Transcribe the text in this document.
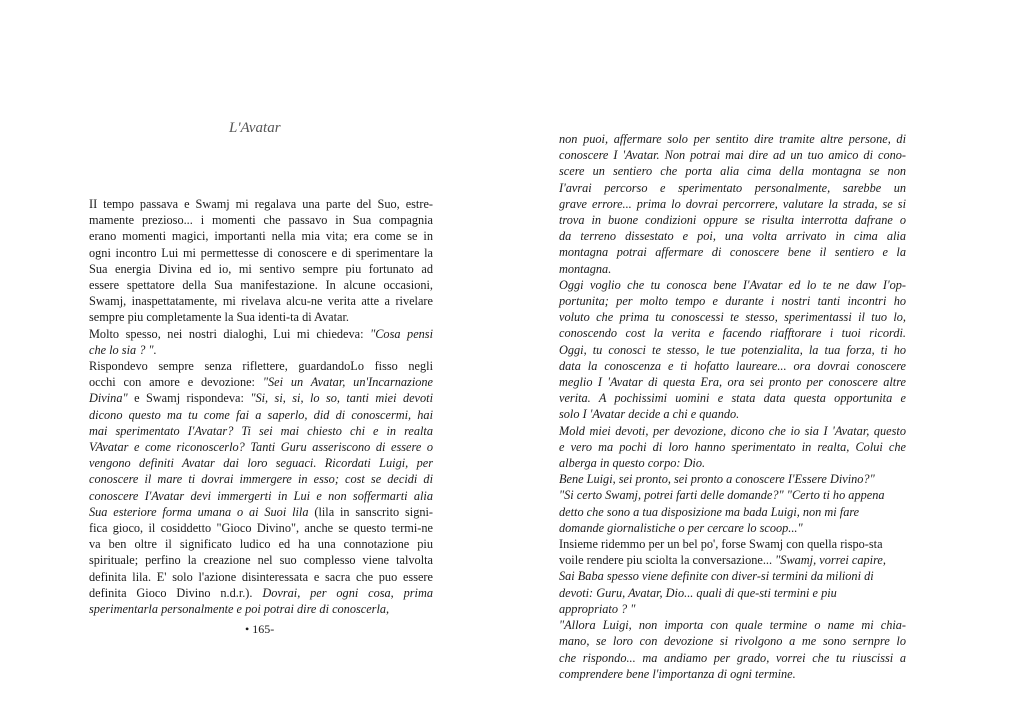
L'Avatar
II tempo passava e Swamj mi regalava una parte del Suo, estre-
mamente prezioso... i momenti che passavo in Sua compagnia
erano momenti magici, importanti nella mia vita; era come se in
ogni incontro Lui mi permettesse di conoscere e di sperimentare la
Sua energia Divina ed io, mi sentivo sempre piu fortunato ad
essere spettatore della Sua manifestazione. In alcune occasioni,
Swamj, inaspettatamente, mi rivelava alcu-ne verita atte a rivelare
sempre piu completamente la Sua identi-ta di Avatar.
Molto spesso, nei nostri dialoghi, Lui mi chiedeva: "Cosa pensi
che lo sia ? ".
Rispondevo sempre senza riflettere, guardandoLo fisso negli
occhi con amore e devozione: "Sei un Avatar, un'Incarnazione
Divina" e Swamj rispondeva: "Si, si, si, lo so, tanti miei devoti
dicono questo ma tu come fai a saperlo, did di conoscermi, hai
mai sperimentato I'Avatar? Ti sei mai chiesto chi e in realta
VAvatar e come riconoscerlo? Tanti Guru asseriscono di essere o
vengono definiti Avatar dai loro seguaci. Ricordati Luigi, per
conoscere il mare ti dovrai immergere in esso; cost se decidi di
conoscere I'Avatar devi immergerti in Lui e non soffermarti alia
Sua esteriore forma umana o ai Suoi lila (lila in sanscrito signi-
fica gioco, il cosiddetto "Gioco Divino", anche se questo termi-ne
va ben oltre il significato ludico ed ha una connotazione piu
spirituale; perfino la creazione nel suo complesso viene talvolta
definita lila. E' solo l'azione disinteressata e sacra che puo essere
definita Gioco Divino n.d.r.). Dovrai, per ogni cosa, prima
sperimentarla personalmente e poi potrai dire di conoscerla,
• 165-
non puoi, affermare solo per sentito dire tramite altre persone, di
conoscere I 'Avatar. Non potrai mai dire ad un tuo amico di cono-
scere un sentiero che porta alia cima della montagna se non
I'avrai percorso e sperimentato personalmente, sarebbe un
grave errore... prima lo dovrai percorrere, valutare la strada, se si
trova in buone condizioni oppure se risulta interrotta dafrane o
da terreno dissestato e poi, una volta arrivato in cima alia
montagna potrai affermare di conoscere bene il sentiero e la
montagna.
Oggi voglio che tu conosca bene I'Avatar ed lo te ne daw I'op-
portunita; per molto tempo e durante i nostri tanti incontri ho
voluto che prima tu conoscessi te stesso, sperimentassi il tuo lo,
conoscendo cost la verita e facendo riafftorare i tuoi ricordi.
Oggi, tu conosci te stesso, le tue potenzialita, la tua forza, ti ho
data la conoscenza e ti hofatto laureare... ora dovrai conoscere
meglio I 'Avatar di questa Era, ora sei pronto per conoscere altre
verita. A pochissimi uomini e stata data questa opportunita e
solo I 'Avatar decide a chi e quando.
Mold miei devoti, per devozione, dicono che io sia I 'Avatar, questo
e vero ma pochi di loro hanno sperimentato in realta, Colui che
alberga in questo corpo: Dio.
Bene Luigi, sei pronto, sei pronto a conoscere I'Essere Divino?"
"Si certo Swamj, potrei farti delle domande?" "Certo ti ho appena
detto che sono a tua disposizione ma bada Luigi, non mi fare
domande giornalistiche o per cercare lo scoop..."
Insieme ridemmo per un bel po', forse Swamj con quella rispo-sta
voile rendere piu sciolta la conversazione... "Swamj, vorrei capire,
Sai Baba spesso viene definite con diver-si termini da milioni di
devoti: Guru, Avatar, Dio... quali di que-sti termini e piu
appropriato ? "
"Allora Luigi, non importa con quale termine o name mi chia-
mano, se loro con devozione si rivolgono a me sono sernpre lo
che rispondo... ma andiamo per grado, vorrei che tu riuscissi a
comprendere bene l'importanza di ogni termine.
